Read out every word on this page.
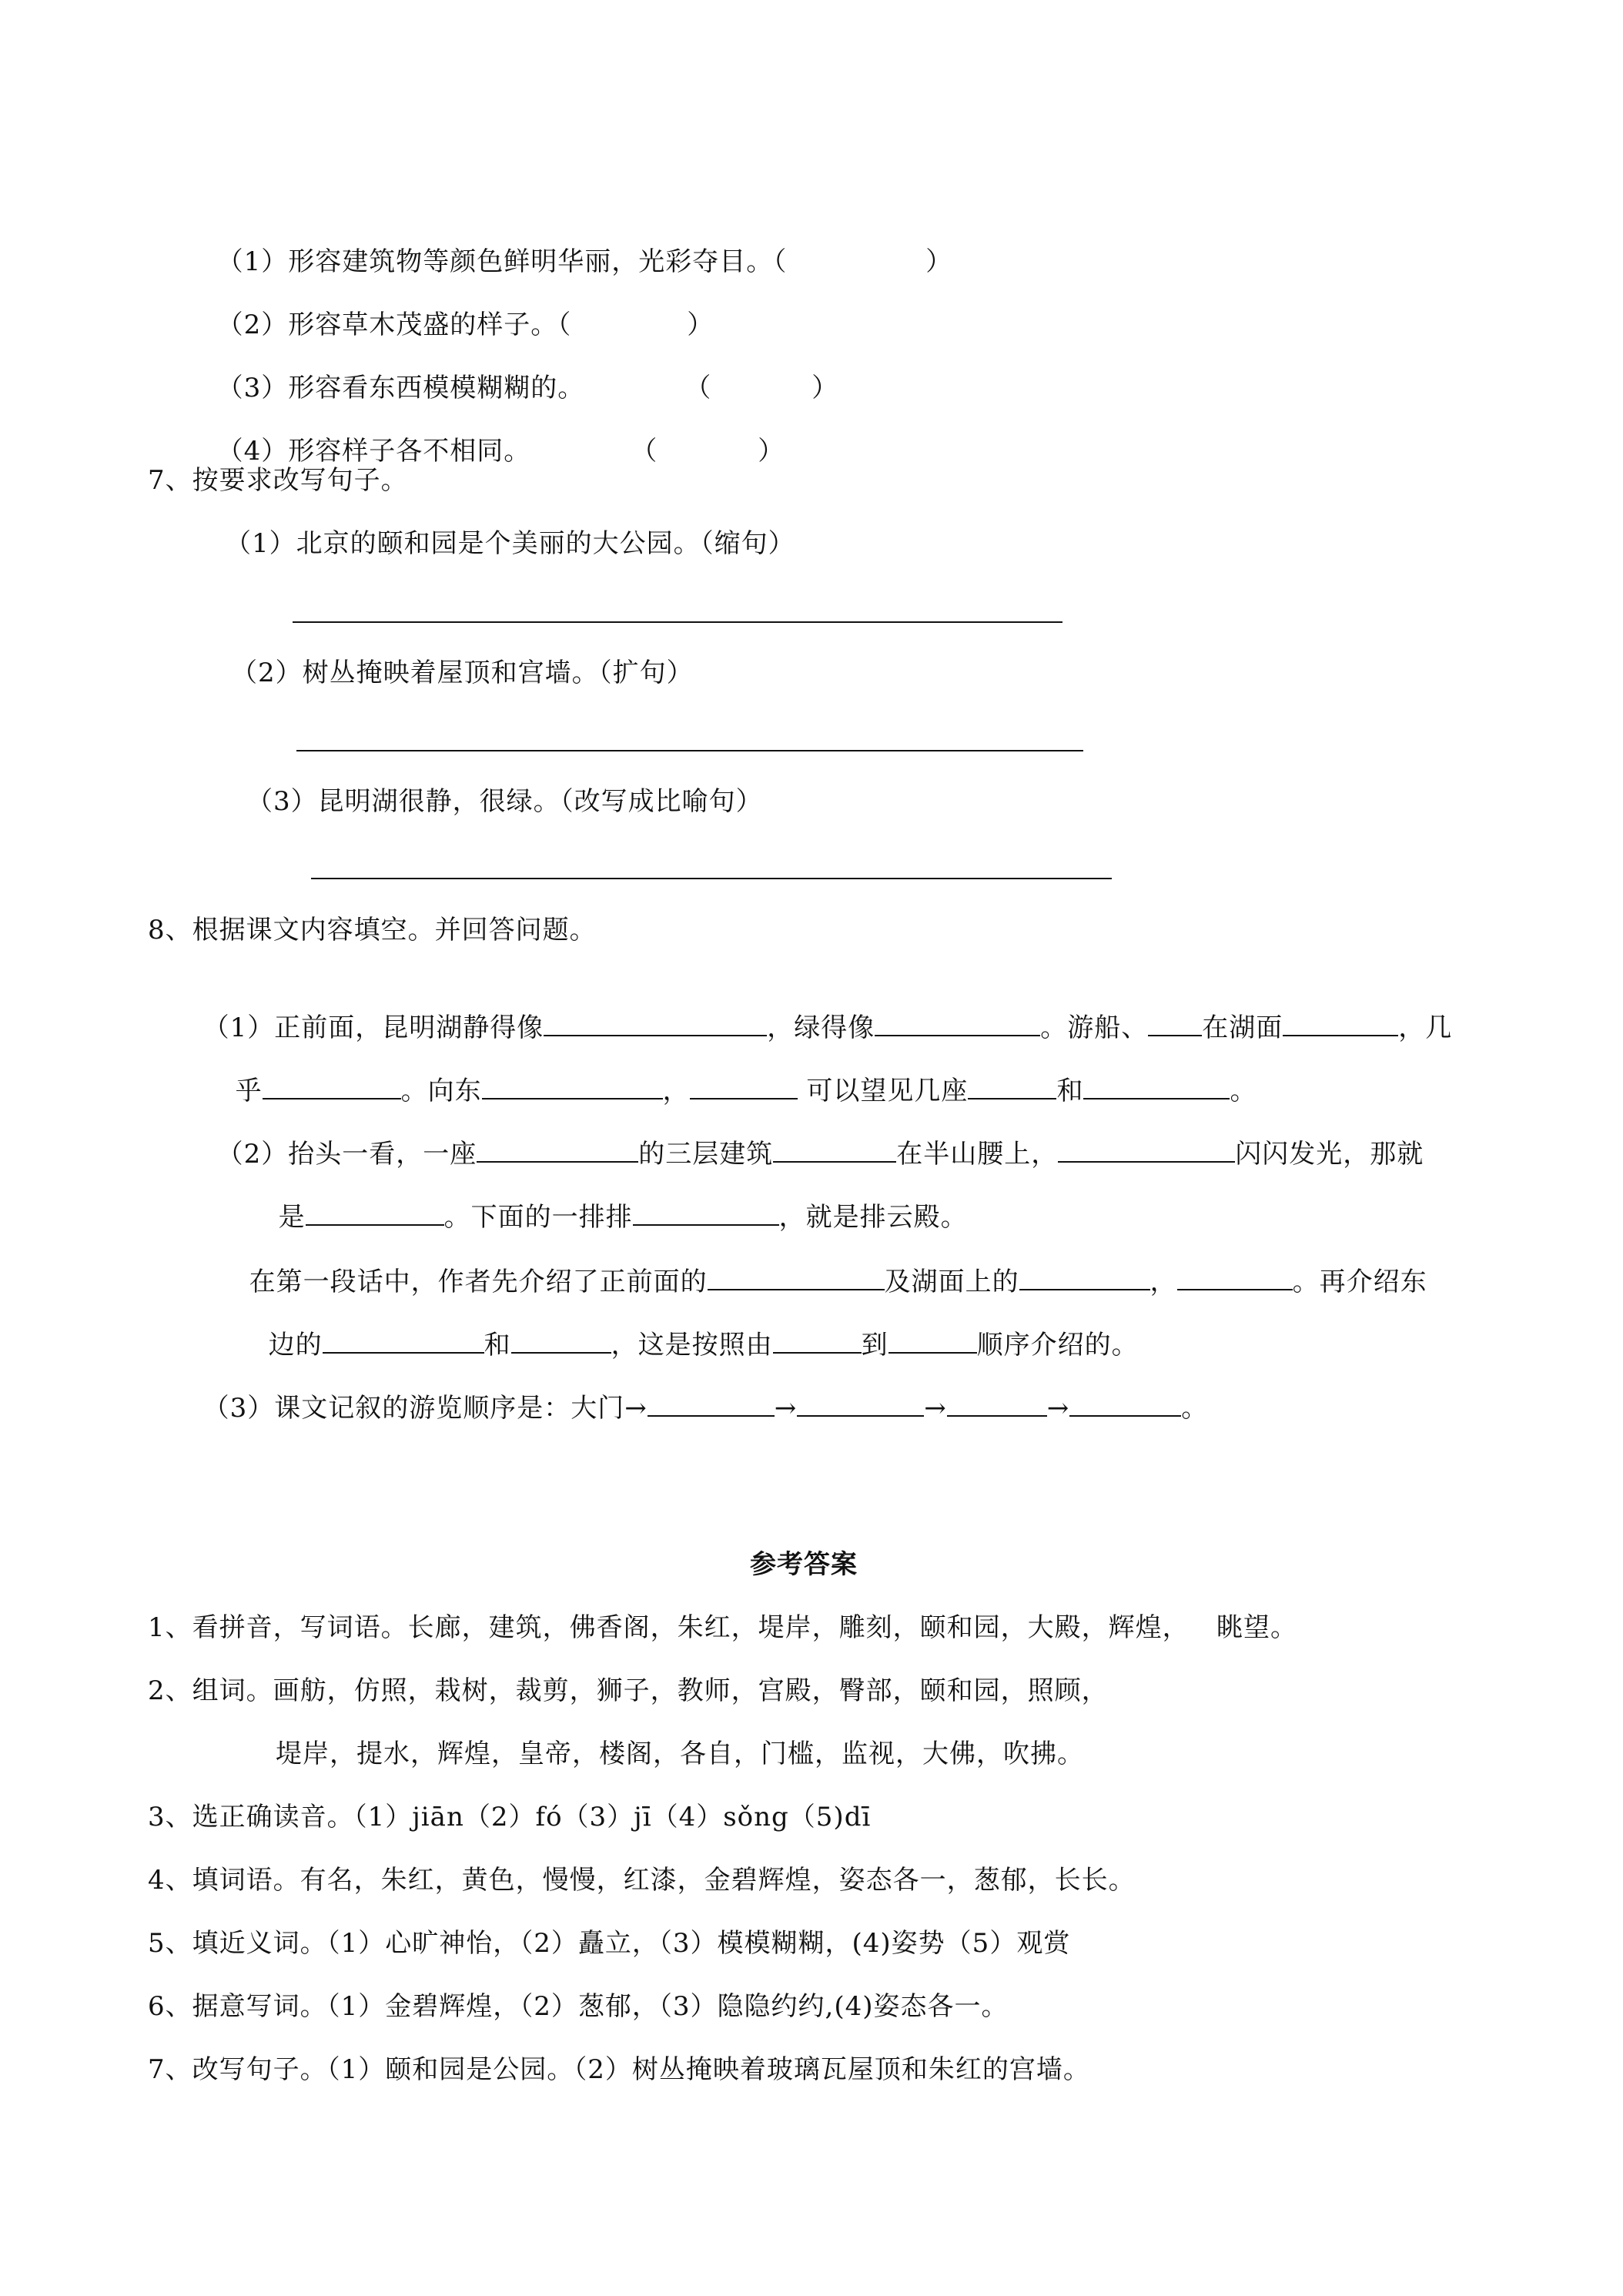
（1）形容建筑物等颜色鲜明华丽，光彩夺目。（	）

（2）形容草木茂盛的样子。（	）

（3）形容看东西模模糊糊的。	（	）

（4）形容样子各不相同。	（	）

7、按要求改写句子。
（1）北京的颐和园是个美丽的大公园。（缩句）
（2）树丛掩映着屋顶和宫墙。（扩句）
（3）昆明湖很静，很绿。（改写成比喻句）
8、根据课文内容填空。并回答问题。

（1）正前面，昆明湖静得像	，绿得像	。游船、 在湖面	，几

乎	。向东	，	可以望见几座	和	。

（2）抬头一看，一座	的三层建筑	在半山腰上，	闪闪发光，那就

是	。下面的一排排	，就是排云殿。

在第一段话中，作者先介绍了正前面的	及湖面上的	，	。再介绍东

边的	和	，这是按照由	到	顺序介绍的。

（3）课文记叙的游览顺序是：大门→	→	→	→	。

参考答案
1、看拼音，写词语。长廊，建筑，佛香阁，朱红，堤岸，雕刻，颐和园，大殿，辉煌，   眺望。
2、组词。画舫，仿照，栽树，裁剪，狮子，教师，宫殿，臀部，颐和园，照顾，
堤岸，提水，辉煌，皇帝，楼阁，各自，门槛，监视，大佛，吹拂。
3、选正确读音。（1）jiān（2）fó（3）jī（4）sǒng（5)dī
4、填词语。有名，朱红，黄色，慢慢，红漆，金碧辉煌，姿态各一，葱郁，长长。
5、填近义词。（1）心旷神怡，（2）矗立，（3）模模糊糊，(4)姿势（5）观赏
6、据意写词。（1）金碧辉煌，（2）葱郁，（3）隐隐约约,(4)姿态各一。
7、改写句子。（1）颐和园是公园。（2）树丛掩映着玻璃瓦屋顶和朱红的宫墙。
